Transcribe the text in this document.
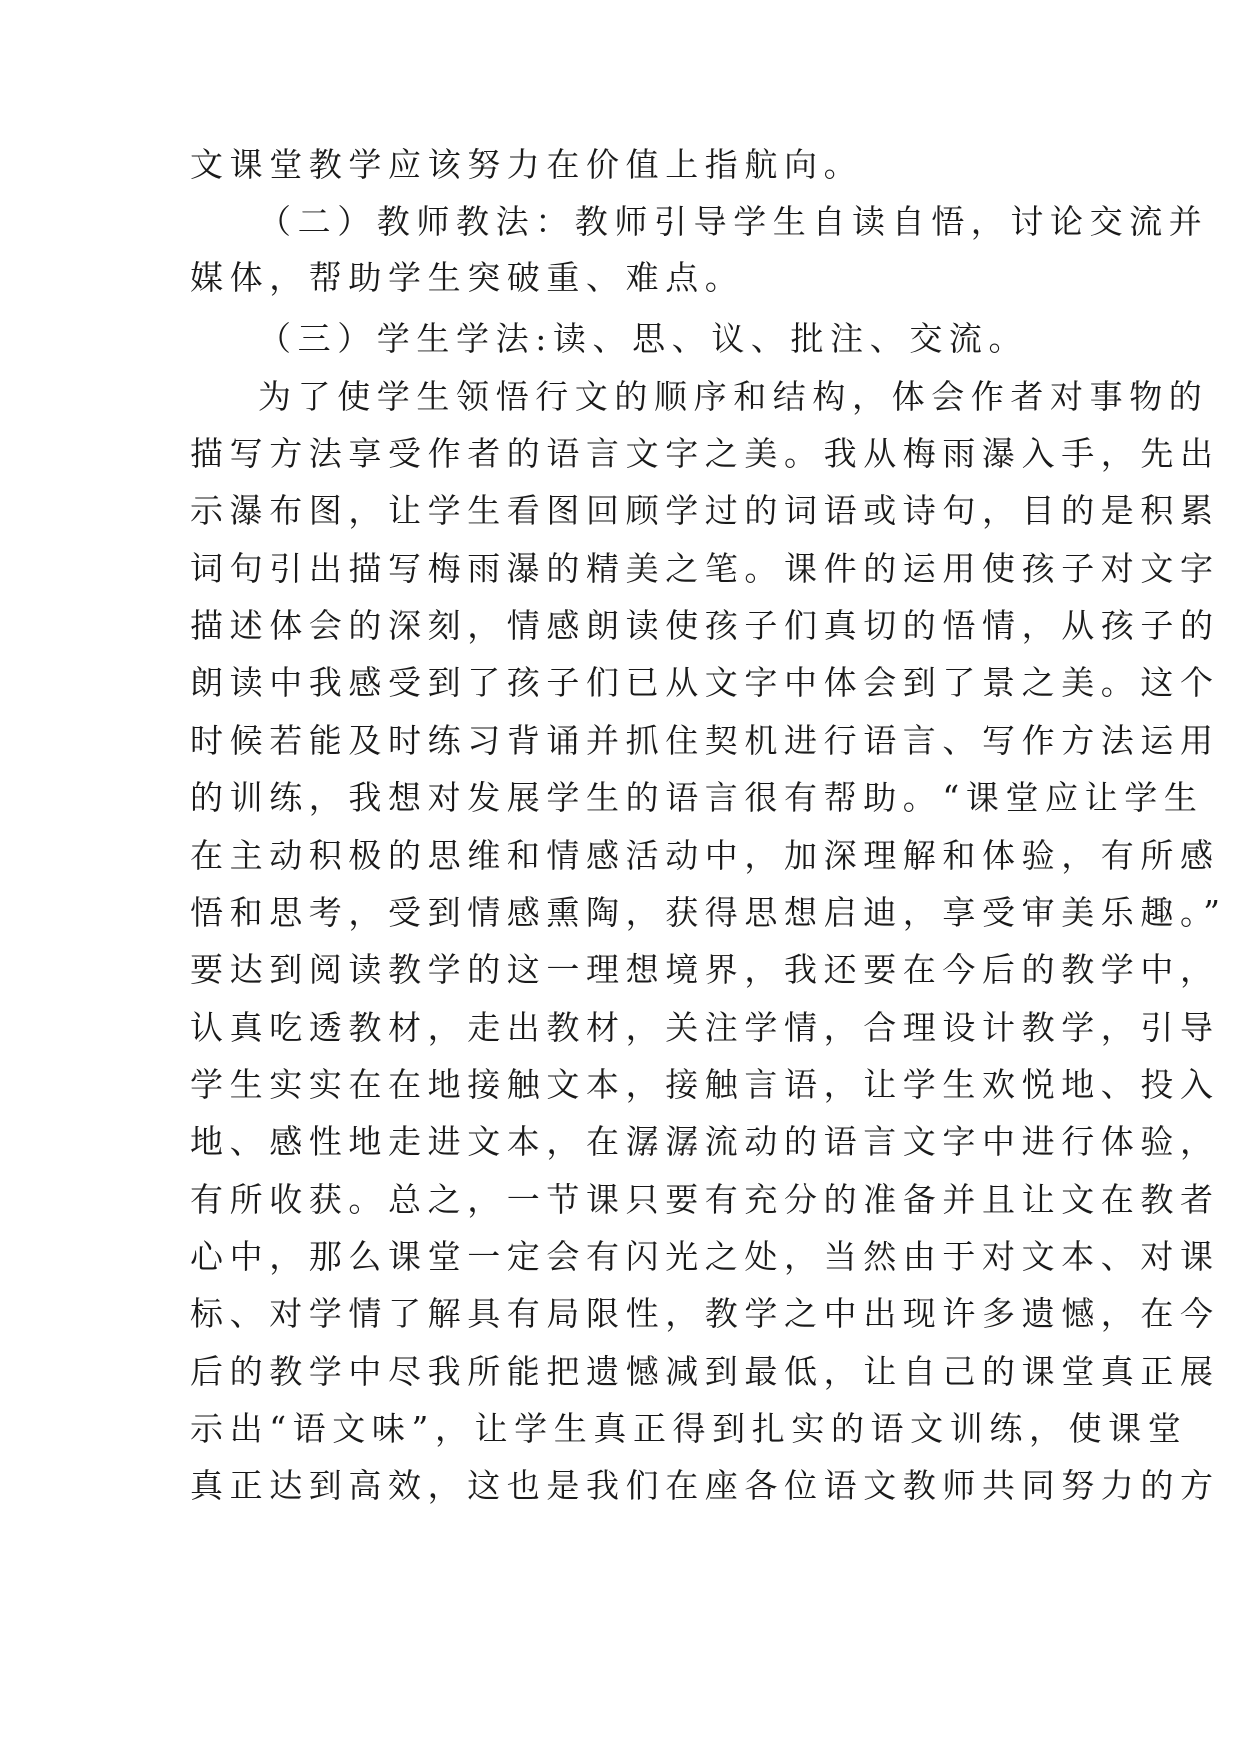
文课堂教学应该努力在价值上指航向。

（二）教师教法：教师引导学生自读自悟，讨论交流并

媒体，帮助学生突破重、难点。

（三）学生学法:读、思、议、批注、交流。

为了使学生领悟行文的顺序和结构，体会作者对事物的

描写方法享受作者的语言文字之美。我从梅雨瀑入手，先出

示瀑布图，让学生看图回顾学过的词语或诗句，目的是积累

词句引出描写梅雨瀑的精美之笔。课件的运用使孩子对文字

描述体会的深刻，情感朗读使孩子们真切的悟情，从孩子的

朗读中我感受到了孩子们已从文字中体会到了景之美。这个

时候若能及时练习背诵并抓住契机进行语言、写作方法运用

的训练，我想对发展学生的语言很有帮助。“课堂应让学生

在主动积极的思维和情感活动中，加深理解和体验，有所感

悟和思考，受到情感熏陶，获得思想启迪，享受审美乐趣。”

要达到阅读教学的这一理想境界，我还要在今后的教学中，

认真吃透教材，走出教材，关注学情，合理设计教学，引导

学生实实在在地接触文本，接触言语，让学生欢悦地、投入

地、感性地走进文本，在潺潺流动的语言文字中进行体验，

有所收获。总之，一节课只要有充分的准备并且让文在教者

心中，那么课堂一定会有闪光之处，当然由于对文本、对课

标、对学情了解具有局限性，教学之中出现许多遗憾，在今

后的教学中尽我所能把遗憾减到最低，让自己的课堂真正展

示出“语文味”，让学生真正得到扎实的语文训练，使课堂

真正达到高效，这也是我们在座各位语文教师共同努力的方
